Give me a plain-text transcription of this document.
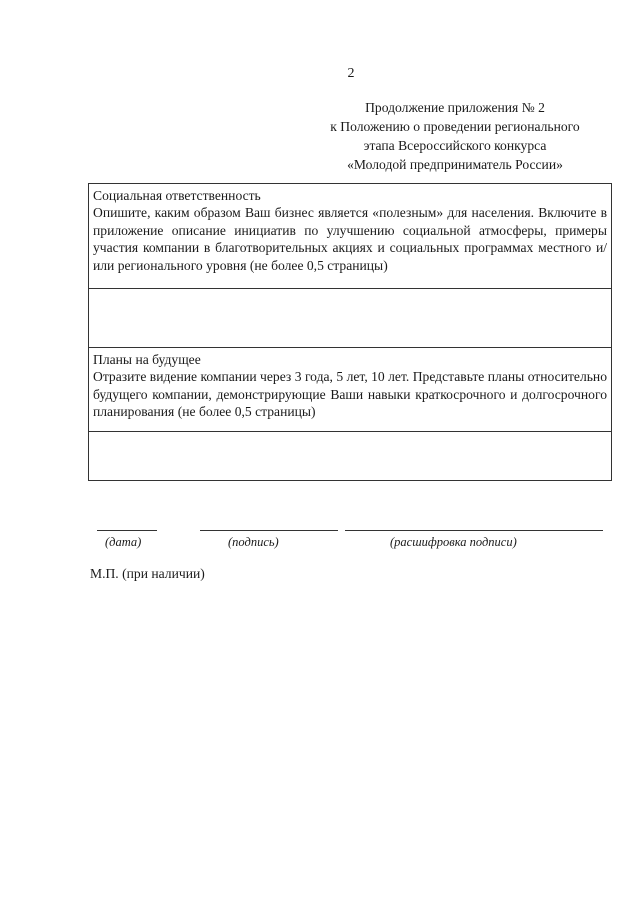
2
Продолжение приложения № 2
к Положению о проведении регионального
этапа Всероссийского конкурса
«Молодой предприниматель России»
Социальная ответственность
Опишите, каким образом Ваш бизнес является «полезным» для населения. Включите в приложение описание инициатив по улучшению социальной атмосферы, примеры участия компании в благотворительных акциях и социальных программах местного и/или регионального уровня (не более 0,5 страницы)
Планы на будущее
Отразите видение компании через 3 года, 5 лет, 10 лет. Представьте планы относительно будущего компании, демонстрирующие Ваши навыки краткосрочного и долгосрочного планирования (не более 0,5 страницы)
(дата)	(подпись)	(расшифровка подписи)
М.П. (при наличии)
